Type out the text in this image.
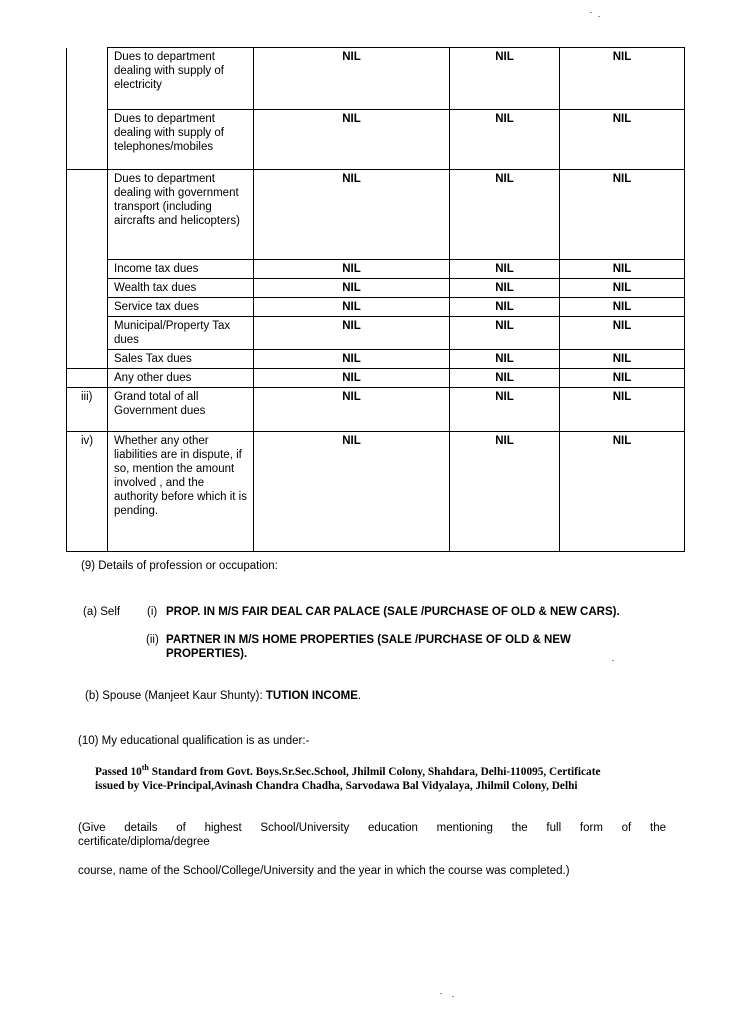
	Dues to department dealing with supply of electricity	NIL	NIL	NIL
	Dues to department dealing with supply of telephones/mobiles	NIL	NIL	NIL
	Dues to department dealing with government transport (including aircrafts and helicopters)	NIL	NIL	NIL
	Income tax dues	NIL	NIL	NIL
	Wealth tax dues	NIL	NIL	NIL
	Service tax dues	NIL	NIL	NIL
	Municipal/Property Tax dues	NIL	NIL	NIL
	Sales Tax dues	NIL	NIL	NIL
	Any other dues	NIL	NIL	NIL
iii)	Grand total of all Government dues	NIL	NIL	NIL
iv)	Whether any other liabilities are in dispute, if so, mention the amount involved , and the authority before which it is pending.	NIL	NIL	NIL
(9) Details of profession or occupation:
(a) Self (i) PROP. IN M/S FAIR DEAL CAR PALACE (SALE /PURCHASE OF OLD & NEW CARS).
(ii) PARTNER IN M/S HOME PROPERTIES (SALE /PURCHASE OF OLD & NEW
PROPERTIES).
(b) Spouse (Manjeet Kaur Shunty): TUTION INCOME.
(10) My educational qualification is as under:-
Passed 10th Standard from Govt. Boys.Sr.Sec.School, Jhilmil Colony, Shahdara, Delhi-110095, Certificate
issued by Vice-Principal,Avinash Chandra Chadha, Sarvodawa Bal Vidyalaya, Jhilmil Colony, Delhi
(Give details of highest School/University education mentioning the full form of the
certificate/diploma/degree
course, name of the School/College/University and the year in which the course was completed.)
